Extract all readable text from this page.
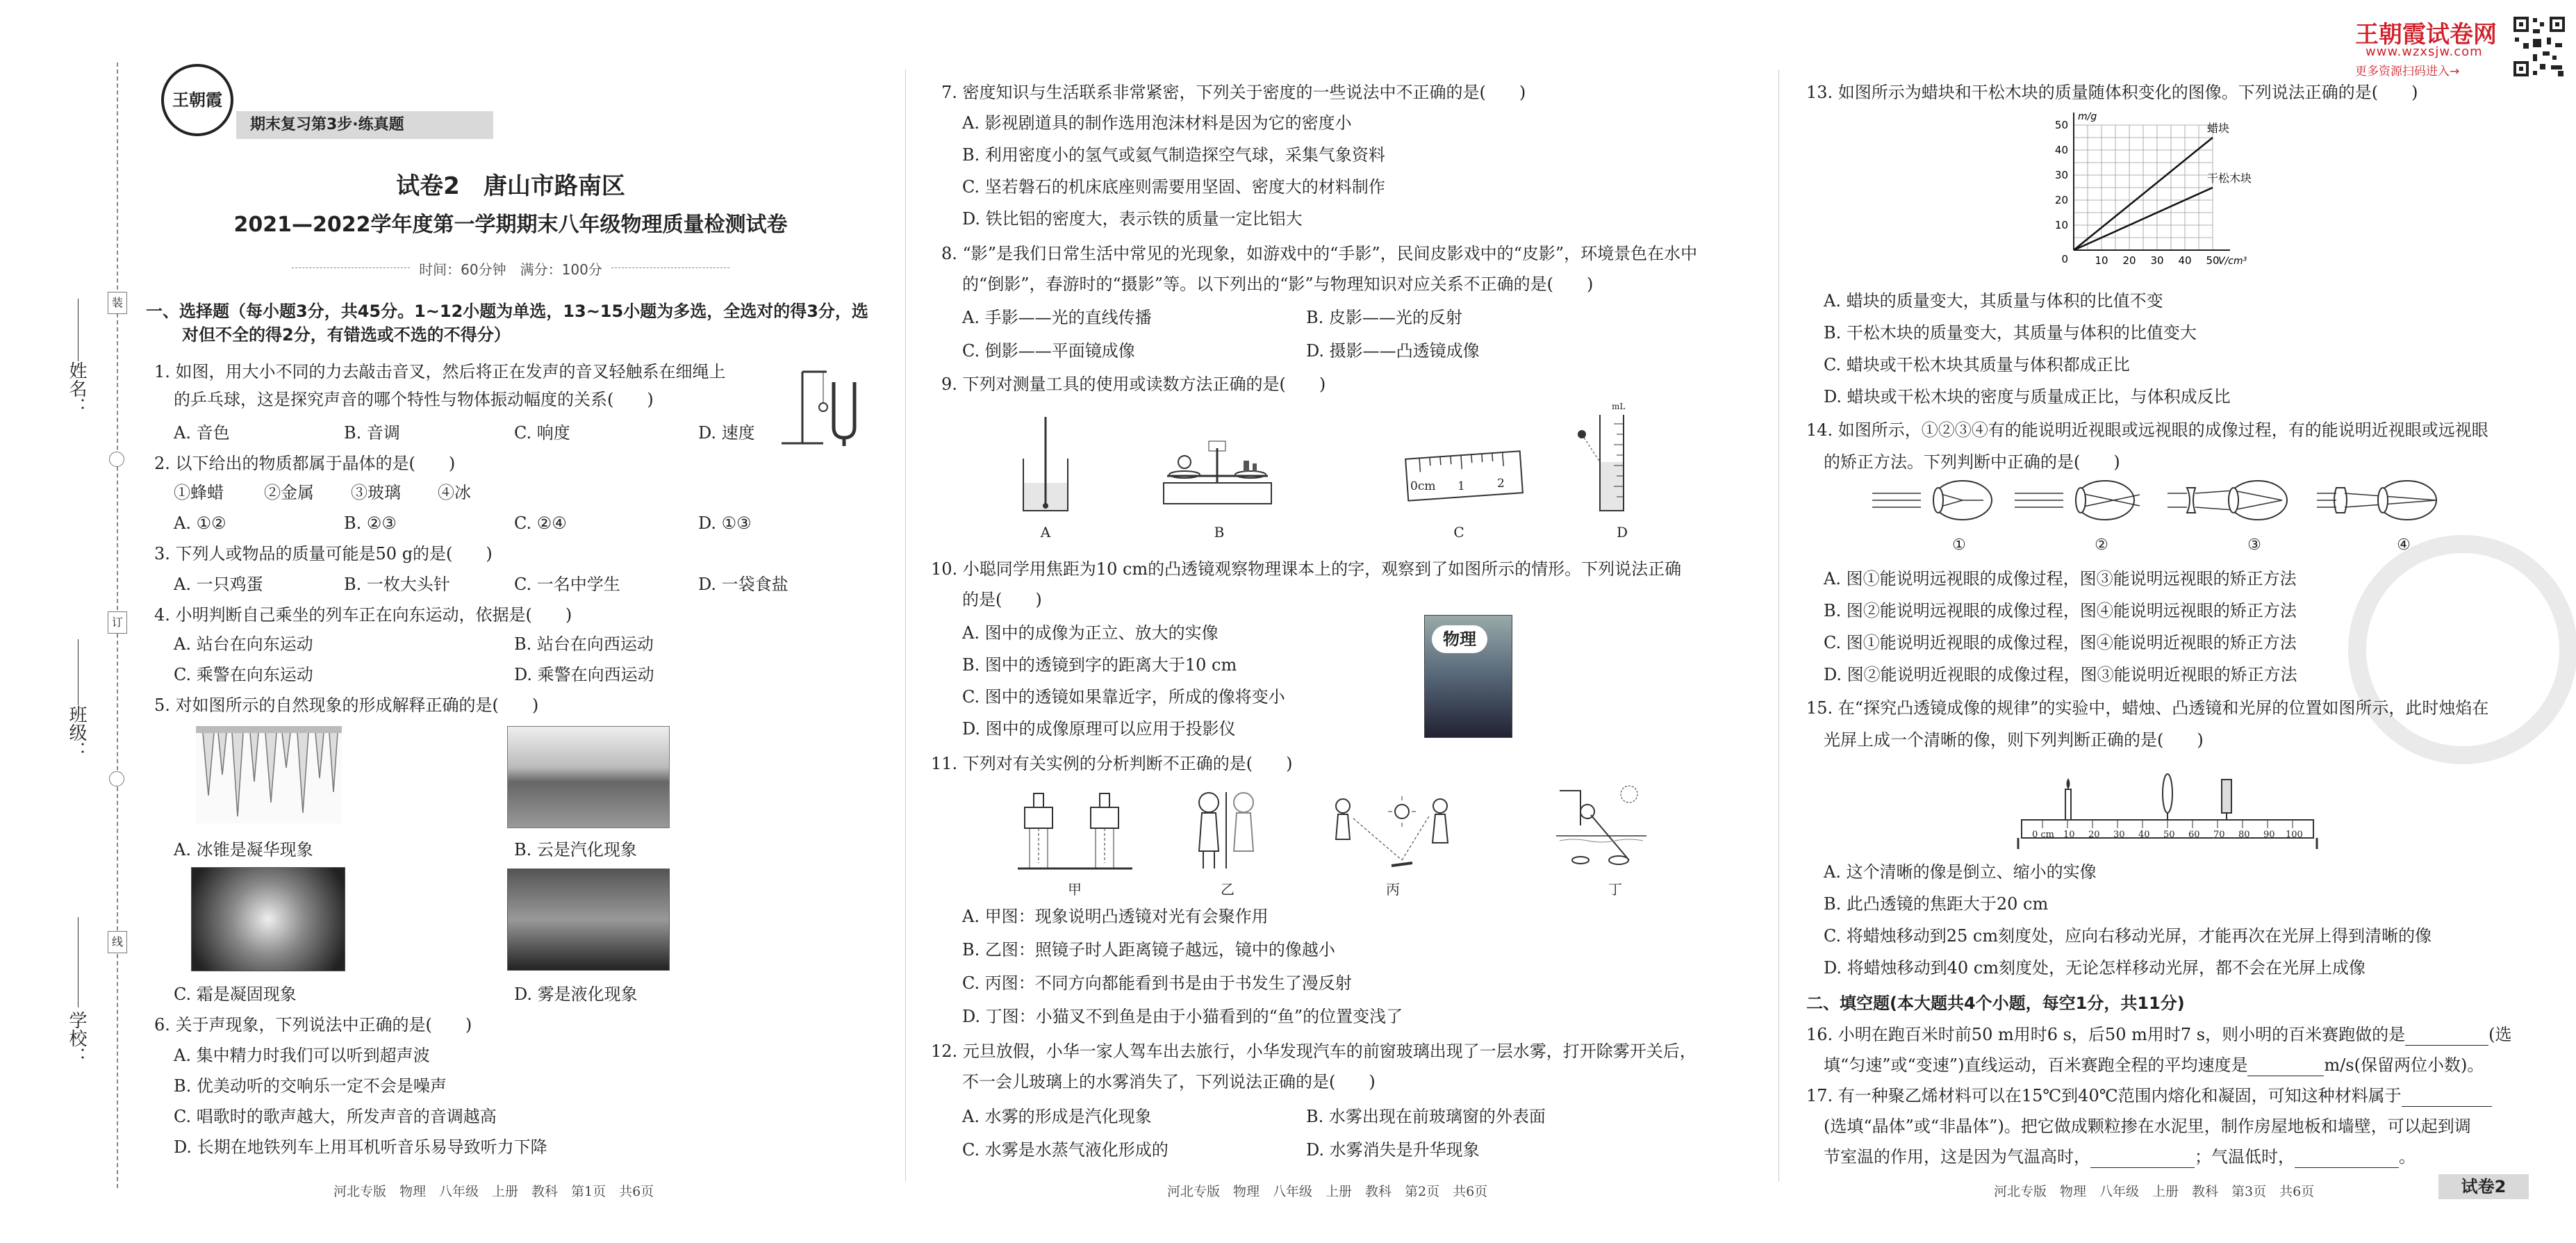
姓名：
班级：
学校：
装
订
线
王朝霞
期末复习第3步·练真题
试卷2　唐山市路南区
2021—2022学年度第一学期期末八年级物理质量检测试卷
时间：60分钟　满分：100分
一、选择题（每小题3分，共45分。1~12小题为单选，13~15小题为多选，全选对的得3分，选
对但不全的得2分，有错选或不选的不得分）
1. 如图，用大小不同的力去敲击音叉，然后将正在发声的音叉轻触系在细绳上
的乒乓球，这是探究声音的哪个特性与物体振动幅度的关系(　　)
A. 音色	B. 音调	C. 响度	D. 速度
2. 以下给出的物质都属于晶体的是(　　)
①蜂蜡 ②金属 ③玻璃 ④冰
A. ①②	B. ②③	C. ②④	D. ①③
3. 下列人或物品的质量可能是50 g的是(　　)
A. 一只鸡蛋	B. 一枚大头针	C. 一名中学生	D. 一袋食盐
4. 小明判断自己乘坐的列车正在向东运动，依据是(　　)
A. 站台在向东运动	B. 站台在向西运动
C. 乘警在向东运动	D. 乘警在向西运动
5. 对如图所示的自然现象的形成解释正确的是(　　)
A. 冰锥是凝华现象	B. 云是汽化现象
C. 霜是凝固现象	D. 雾是液化现象
6. 关于声现象，下列说法中正确的是(　　)
A. 集中精力时我们可以听到超声波
B. 优美动听的交响乐一定不会是噪声
C. 唱歌时的歌声越大，所发声音的音调越高
D. 长期在地铁列车上用耳机听音乐易导致听力下降
河北专版　物理　八年级　上册　教科　第1页　共6页
7. 密度知识与生活联系非常紧密，下列关于密度的一些说法中不正确的是(　　)
A. 影视剧道具的制作选用泡沫材料是因为它的密度小
B. 利用密度小的氢气或氦气制造探空气球，采集气象资料
C. 坚若磐石的机床底座则需要用坚固、密度大的材料制作
D. 铁比铝的密度大，表示铁的质量一定比铝大
8. “影”是我们日常生活中常见的光现象，如游戏中的“手影”，民间皮影戏中的“皮影”，环境景色在水中
的“倒影”，春游时的“摄影”等。以下列出的“影”与物理知识对应关系不正确的是(　　)
A. 手影——光的直线传播	B. 皮影——光的反射
C. 倒影——平面镜成像	D. 摄影——凸透镜成像
9. 下列对测量工具的使用或读数方法正确的是(　　)
0cm 1	2
mL
A	B	C	D
10. 小聪同学用焦距为10 cm的凸透镜观察物理课本上的字，观察到了如图所示的情形。下列说法正确
的是(　　)
物理
A. 图中的成像为正立、放大的实像
B. 图中的透镜到字的距离大于10 cm
C. 图中的透镜如果靠近字，所成的像将变小
D. 图中的成像原理可以应用于投影仪
11. 下列对有关实例的分析判断不正确的是(　　)
甲	乙	丙	丁
A. 甲图：现象说明凸透镜对光有会聚作用
B. 乙图：照镜子时人距离镜子越远，镜中的像越小
C. 丙图：不同方向都能看到书是由于书发生了漫反射
D. 丁图：小猫叉不到鱼是由于小猫看到的“鱼”的位置变浅了
12. 元旦放假，小华一家人驾车出去旅行，小华发现汽车的前窗玻璃出现了一层水雾，打开除雾开关后，
不一会儿玻璃上的水雾消失了，下列说法正确的是(　　)
A. 水雾的形成是汽化现象	B. 水雾出现在前玻璃窗的外表面
C. 水雾是水蒸气液化形成的	D. 水雾消失是升华现象
河北专版　物理　八年级　上册　教科　第2页　共6页
王朝霞试卷网
www.wzxsjw.com
更多资源扫码进入→
13. 如图所示为蜡块和干松木块的质量随体积变化的图像。下列说法正确的是(　　)
10 20 30 40 50
10
20
30
40
50
0	V/cm³
m/g
蜡块
干松木块
A. 蜡块的质量变大，其质量与体积的比值不变
B. 干松木块的质量变大，其质量与体积的比值变大
C. 蜡块或干松木块其质量与体积都成正比
D. 蜡块或干松木块的密度与质量成正比，与体积成反比
14. 如图所示，①②③④有的能说明近视眼或远视眼的成像过程，有的能说明近视眼或远视眼
的矫正方法。下列判断中正确的是(　　)
①	②	③	④
A. 图①能说明远视眼的成像过程，图③能说明远视眼的矫正方法
B. 图②能说明远视眼的成像过程，图④能说明远视眼的矫正方法
C. 图①能说明近视眼的成像过程，图④能说明近视眼的矫正方法
D. 图②能说明近视眼的成像过程，图③能说明近视眼的矫正方法
15. 在“探究凸透镜成像的规律”的实验中，蜡烛、凸透镜和光屏的位置如图所示，此时烛焰在
光屏上成一个清晰的像，则下列判断正确的是(　　)
0 cm 10 20 30 40 50 60 70 80 90 100
A. 这个清晰的像是倒立、缩小的实像
B. 此凸透镜的焦距大于20 cm
C. 将蜡烛移动到25 cm刻度处，应向右移动光屏，才能再次在光屏上得到清晰的像
D. 将蜡烛移动到40 cm刻度处，无论怎样移动光屏，都不会在光屏上成像
二、填空题(本大题共4个小题，每空1分，共11分)
16. 小明在跑百米时前50 m用时6 s，后50 m用时7 s，则小明的百米赛跑做的是	(选
填“匀速”或“变速”)直线运动，百米赛跑全程的平均速度是	m/s(保留两位小数)。
17. 有一种聚乙烯材料可以在15℃到40℃范围内熔化和凝固，可知这种材料属于
(选填“晶体”或“非晶体”)。把它做成颗粒掺在水泥里，制作房屋地板和墙壁，可以起到调
节室温的作用，这是因为气温高时，	；气温低时，	。
河北专版　物理　八年级　上册　教科　第3页　共6页	试卷2
